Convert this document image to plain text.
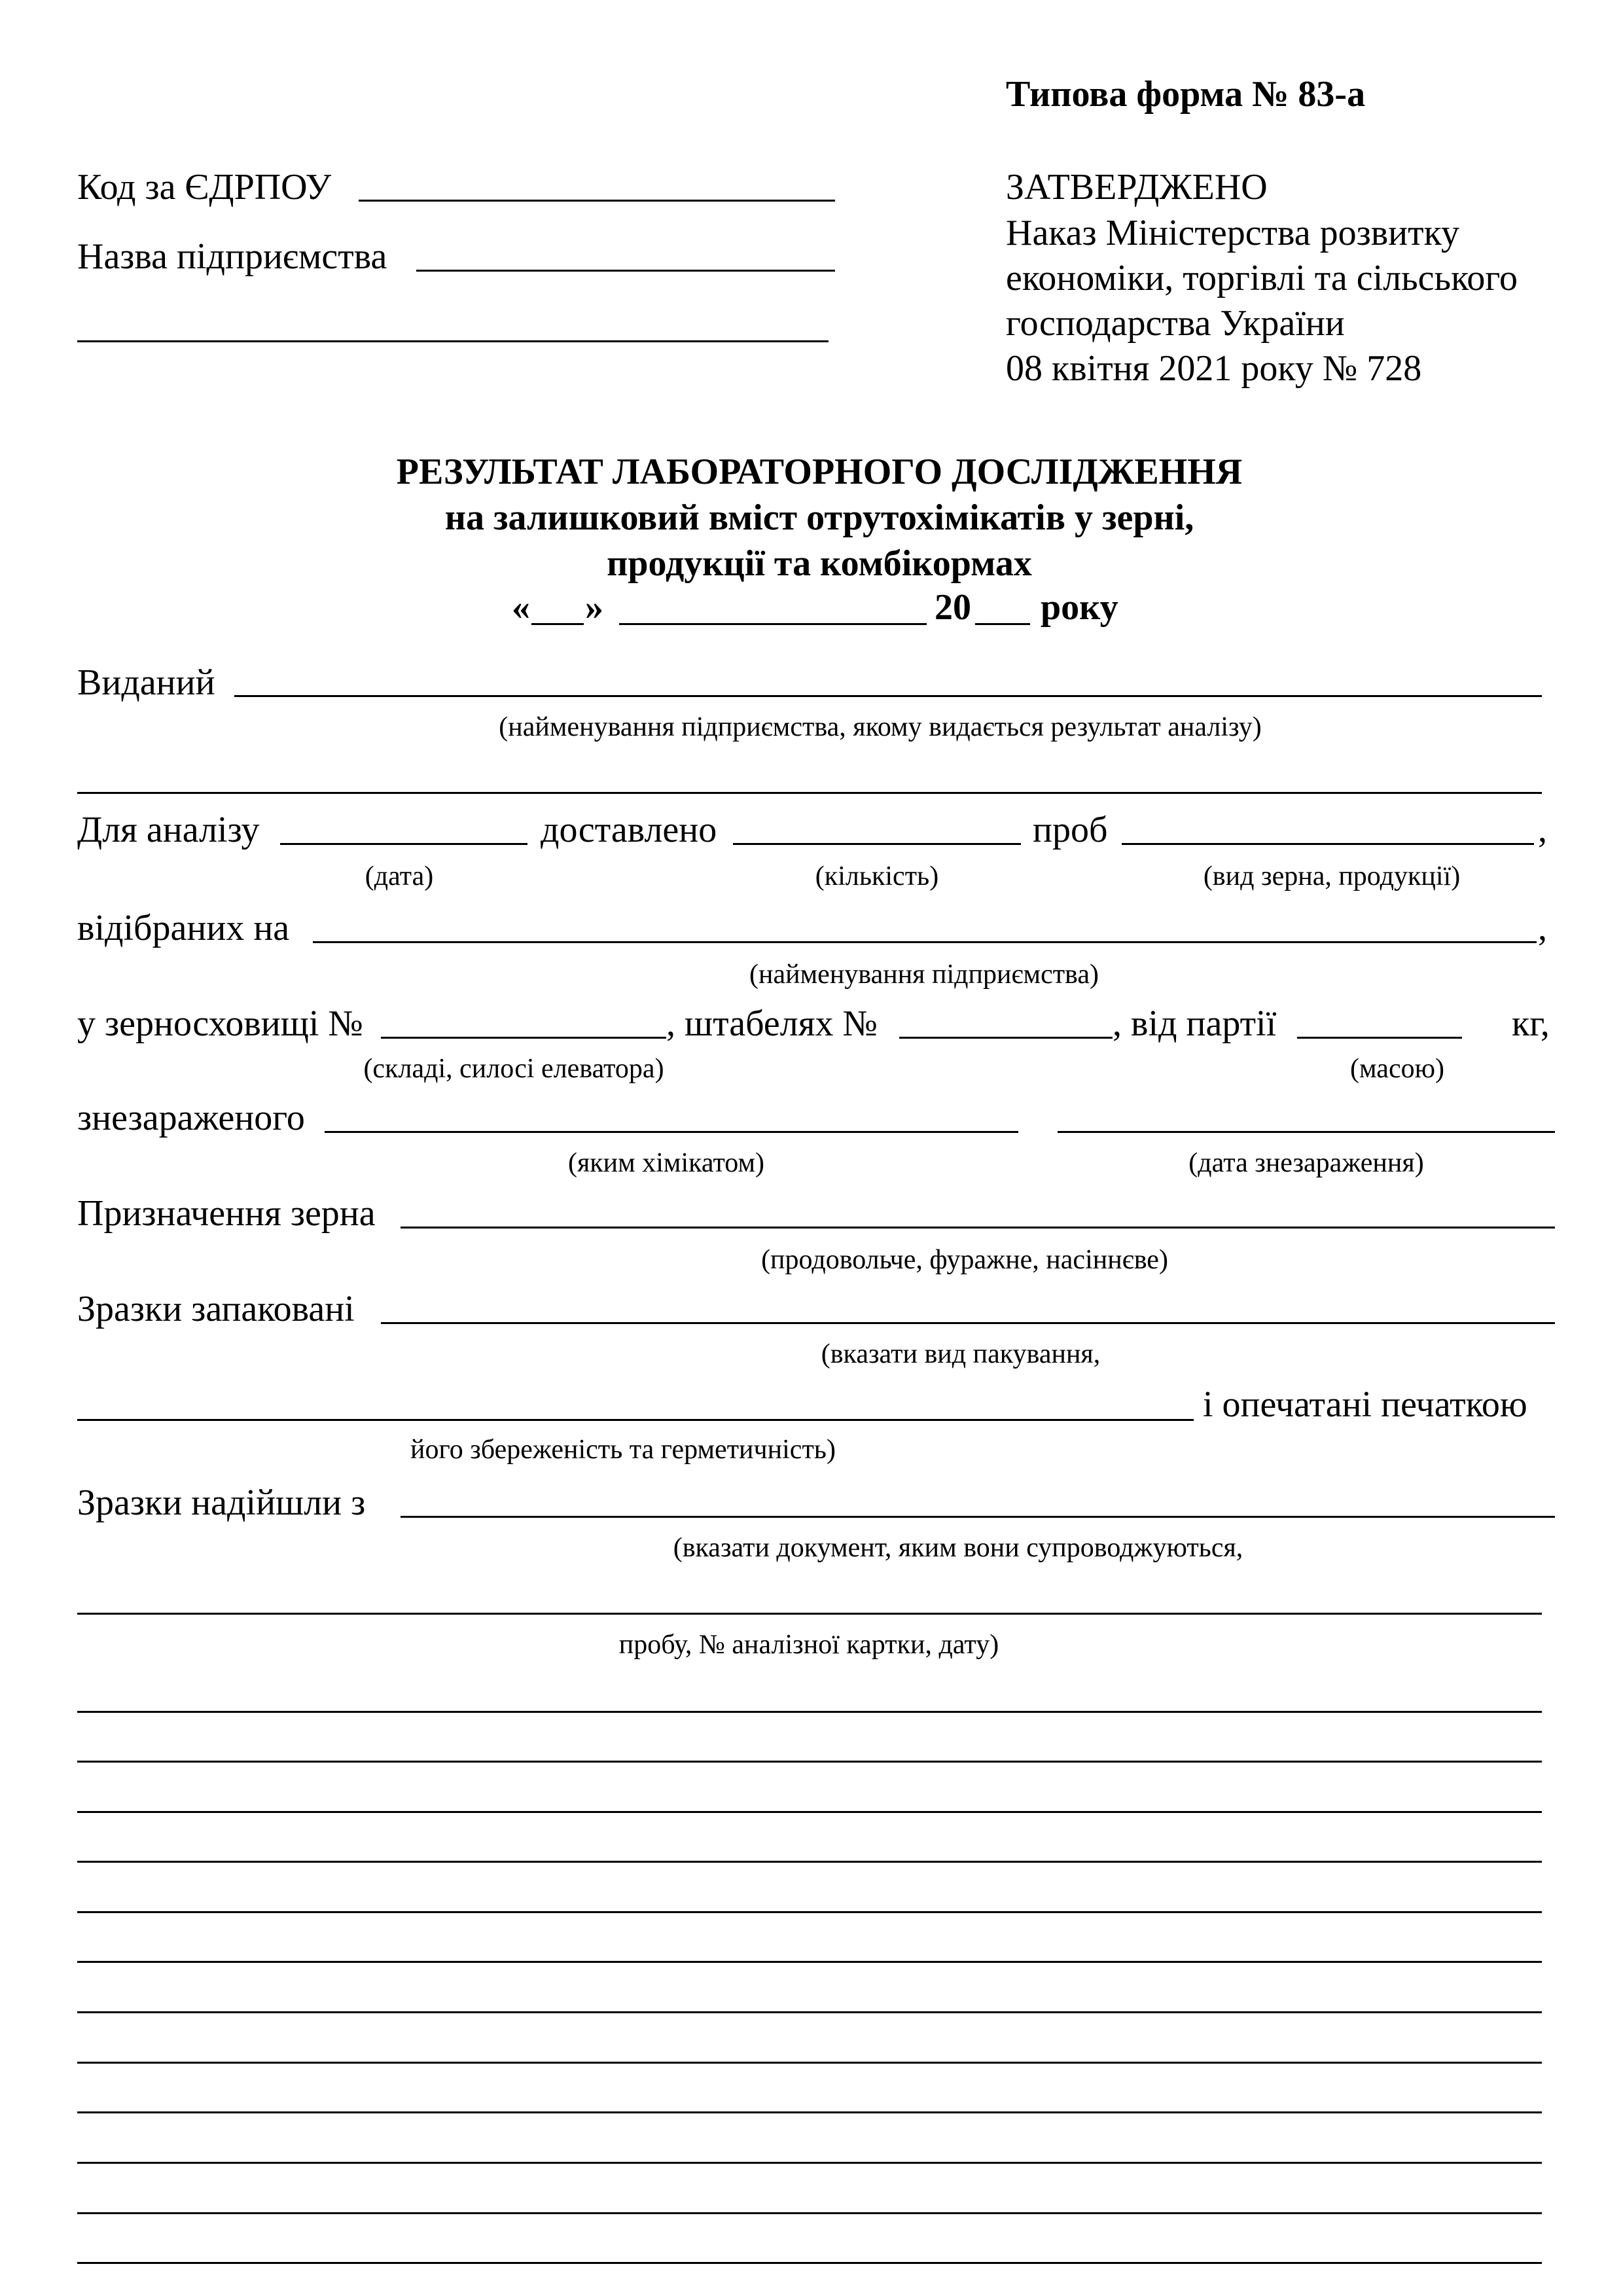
Типова форма № 83-а
ЗАТВЕРДЖЕНО
Наказ Міністерства розвитку
економіки, торгівлі та сільського
господарства України
08 квітня 2021 року № 728
Код за ЄДРПОУ
Назва підприємства
РЕЗУЛЬТАТ ЛАБОРАТОРНОГО ДОСЛІДЖЕННЯ
на залишковий вміст отрутохімікатів у зерні,
продукції та комбікормах
« »	20 року
Виданий
(найменування підприємства, якому видається результат аналізу)
Для аналізу	доставлено	проб	,
(дата)	(кількість)	(вид зерна, продукції)
відібраних на	,
(найменування підприємства)
у зерносховищі №	, штабелях №	, від партії	кг,
(складі, силосі елеватора)	(масою)
знезараженого
(яким хімікатом)	(дата знезараження)
Призначення зерна
(продовольче, фуражне, насіннєве)
Зразки запаковані
(вказати вид пакування,
і опечатані печаткою
його збереженість та герметичність)
Зразки надійшли з
(вказати документ, яким вони супроводжуються,
пробу, № аналізної картки, дату)
